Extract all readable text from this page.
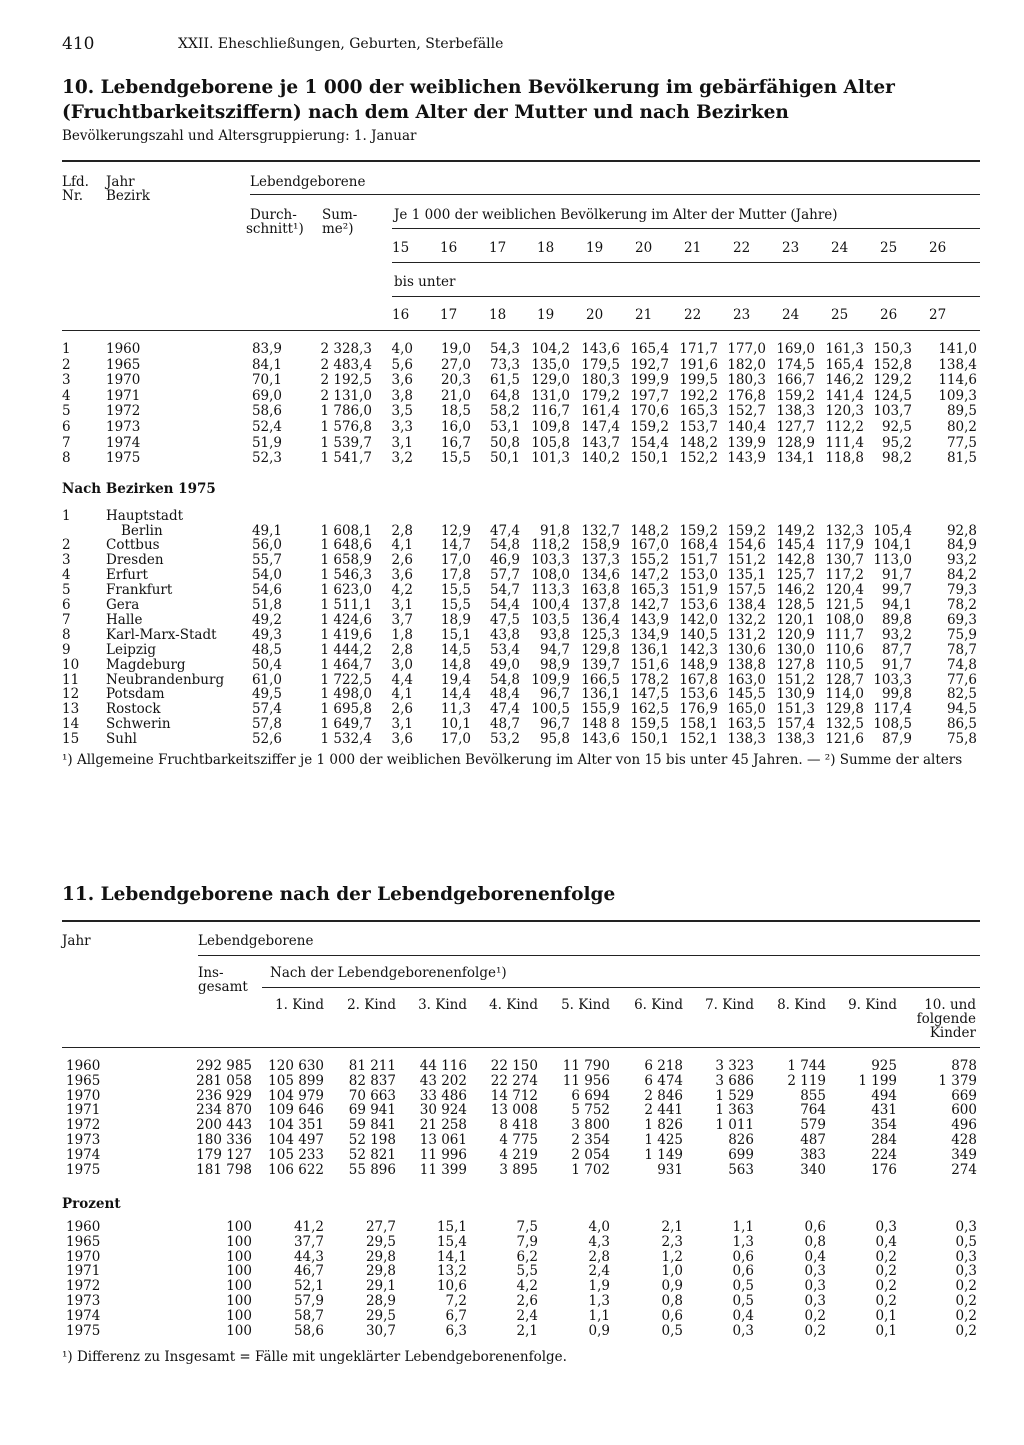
410	XXII. Eheschließungen, Geburten, Sterbefälle
10. Lebendgeborene je 1 000 der weiblichen Bevölkerung im gebärfähigen Alter
(Fruchtbarkeitsziffern) nach dem Alter der Mutter und nach Bezirken
Bevölkerungszahl und Altersgruppierung: 1. Januar
Lfd.
Nr.
Jahr
Bezirk
Lebendgeborene
Durch-
schnitt¹)
Sum-
me²)
Je 1 000 der weiblichen Bevölkerung im Alter der Mutter (Jahre)
15 16 17 18 19 20 21 22 23 24 25 26
bis unter
16 17 18 19 20 21 22 23 24 25 26 27
1	1960	83,9	2 328,3	4,0	19,0	54,3 104,2 143,6 165,4 171,7 177,0 169,0 161,3 150,3	141,0
2	1965	84,1	2 483,4	5,6	27,0	73,3 135,0 179,5 192,7 191,6 182,0 174,5 165,4 152,8	138,4
3	1970	70,1	2 192,5	3,6	20,3	61,5 129,0 180,3 199,9 199,5 180,3 166,7 146,2 129,2	114,6
4	1971	69,0	2 131,0	3,8	21,0	64,8 131,0 179,2 197,7 192,2 176,8 159,2 141,4 124,5	109,3
5	1972	58,6	1 786,0	3,5	18,5	58,2 116,7 161,4 170,6 165,3 152,7 138,3 120,3 103,7	89,5
6	1973	52,4	1 576,8	3,3	16,0	53,1 109,8 147,4 159,2 153,7 140,4 127,7 112,2	92,5	80,2
7	1974	51,9	1 539,7	3,1	16,7	50,8 105,8 143,7 154,4 148,2 139,9 128,9 111,4	95,2	77,5
8	1975	52,3	1 541,7	3,2	15,5	50,1 101,3 140,2 150,1 152,2 143,9 134,1 118,8	98,2	81,5
Nach Bezirken 1975
1	Hauptstadt
Berlin	49,1	1 608,1	2,8	12,9	47,4	91,8 132,7 148,2 159,2 159,2 149,2 132,3 105,4	92,8
2	Cottbus	56,0	1 648,6	4,1	14,7	54,8 118,2 158,9 167,0 168,4 154,6 145,4 117,9 104,1	84,9
3	Dresden	55,7	1 658,9	2,6	17,0	46,9 103,3 137,3 155,2 151,7 151,2 142,8 130,7 113,0	93,2
4	Erfurt	54,0	1 546,3	3,6	17,8	57,7 108,0 134,6 147,2 153,0 135,1 125,7 117,2	91,7	84,2
5	Frankfurt	54,6	1 623,0	4,2	15,5	54,7 113,3 163,8 165,3 151,9 157,5 146,2 120,4	99,7	79,3
6	Gera	51,8	1 511,1	3,1	15,5	54,4 100,4 137,8 142,7 153,6 138,4 128,5 121,5	94,1	78,2
7	Halle	49,2	1 424,6	3,7	18,9	47,5 103,5 136,4 143,9 142,0 132,2 120,1 108,0	89,8	69,3
8	Karl-Marx-Stadt	49,3	1 419,6	1,8	15,1	43,8	93,8 125,3 134,9 140,5 131,2 120,9 111,7	93,2	75,9
9	Leipzig	48,5	1 444,2	2,8	14,5	53,4	94,7 129,8 136,1 142,3 130,6 130,0 110,6	87,7	78,7
10 Magdeburg	50,4	1 464,7	3,0	14,8	49,0	98,9 139,7 151,6 148,9 138,8 127,8 110,5	91,7	74,8
11 Neubrandenburg	61,0	1 722,5	4,4	19,4	54,8 109,9 166,5 178,2 167,8 163,0 151,2 128,7 103,3	77,6
12 Potsdam	49,5	1 498,0	4,1	14,4	48,4	96,7 136,1 147,5 153,6 145,5 130,9 114,0	99,8	82,5
13 Rostock	57,4	1 695,8	2,6	11,3	47,4 100,5 155,9 162,5 176,9 165,0 151,3 129,8 117,4	94,5
14 Schwerin	57,8	1 649,7	3,1	10,1	48,7	96,7 148 8 159,5 158,1 163,5 157,4 132,5 108,5	86,5
15 Suhl	52,6	1 532,4	3,6	17,0	53,2	95,8 143,6 150,1 152,1 138,3 138,3 121,6	87,9	75,8
¹) Allgemeine Fruchtbarkeitsziffer je 1 000 der weiblichen Bevölkerung im Alter von 15 bis unter 45 Jahren. — ²) Summe der alters
11. Lebendgeborene nach der Lebendgeborenenfolge
Jahr	Lebendgeborene
Ins-
gesamt
Nach der Lebendgeborenenfolge¹)
1. Kind	2. Kind	3. Kind	4. Kind	5. Kind	6. Kind	7. Kind	8. Kind	9. Kind	10. und
folgende
Kinder
1960	292 985	120 630	81 211	44 116	22 150	11 790	6 218	3 323	1 744	925	878
1965	281 058	105 899	82 837	43 202	22 274	11 956	6 474	3 686	2 119	1 199	1 379
1970	236 929	104 979	70 663	33 486	14 712	6 694	2 846	1 529	855	494	669
1971	234 870	109 646	69 941	30 924	13 008	5 752	2 441	1 363	764	431	600
1972	200 443	104 351	59 841	21 258	8 418	3 800	1 826	1 011	579	354	496
1973	180 336	104 497	52 198	13 061	4 775	2 354	1 425	826	487	284	428
1974	179 127	105 233	52 821	11 996	4 219	2 054	1 149	699	383	224	349
1975	181 798	106 622	55 896	11 399	3 895	1 702	931	563	340	176	274
Prozent
1960	100	41,2	27,7	15,1	7,5	4,0	2,1	1,1	0,6	0,3	0,3
1965	100	37,7	29,5	15,4	7,9	4,3	2,3	1,3	0,8	0,4	0,5
1970	100	44,3	29,8	14,1	6,2	2,8	1,2	0,6	0,4	0,2	0,3
1971	100	46,7	29,8	13,2	5,5	2,4	1,0	0,6	0,3	0,2	0,3
1972	100	52,1	29,1	10,6	4,2	1,9	0,9	0,5	0,3	0,2	0,2
1973	100	57,9	28,9	7,2	2,6	1,3	0,8	0,5	0,3	0,2	0,2
1974	100	58,7	29,5	6,7	2,4	1,1	0,6	0,4	0,2	0,1	0,2
1975	100	58,6	30,7	6,3	2,1	0,9	0,5	0,3	0,2	0,1	0,2
¹) Differenz zu Insgesamt = Fälle mit ungeklärter Lebendgeborenenfolge.
